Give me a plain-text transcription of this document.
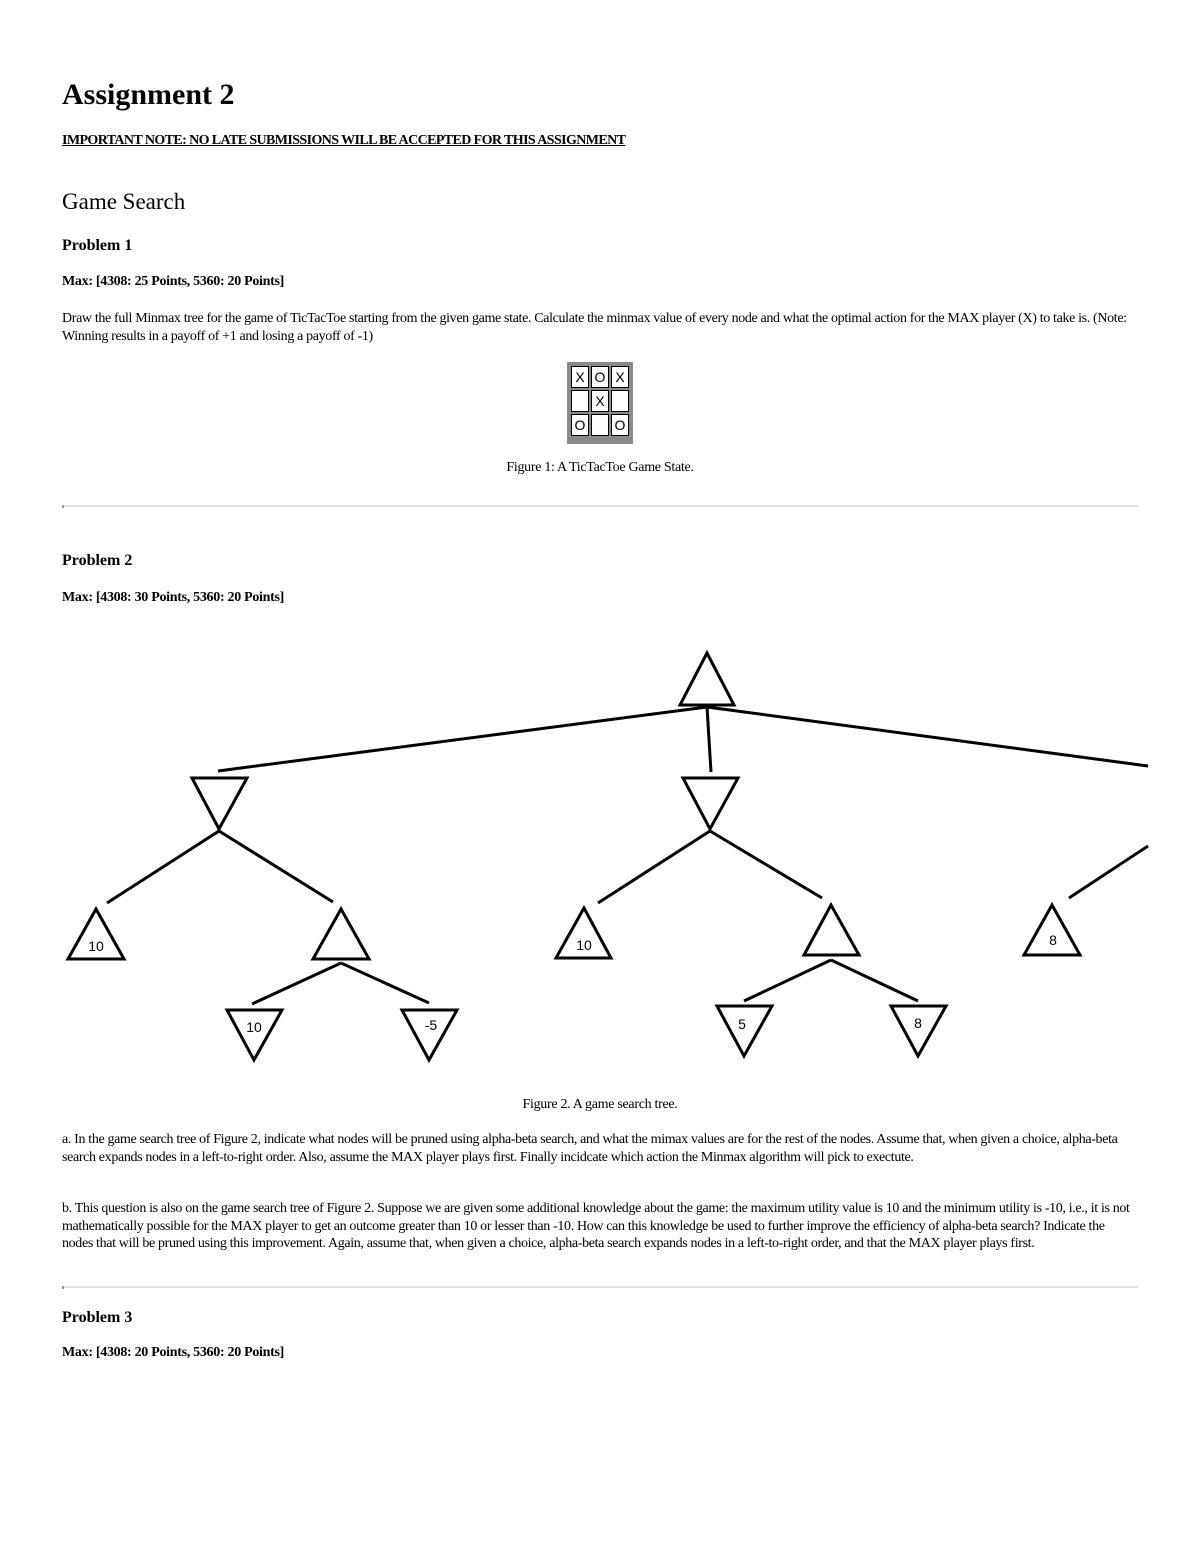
Assignment 2
IMPORTANT NOTE: NO LATE SUBMISSIONS WILL BE ACCEPTED FOR THIS ASSIGNMENT
Game Search
Problem 1
Max: [4308: 25 Points, 5360: 20 Points]
Draw the full Minmax tree for the game of TicTacToe starting from the given game state. Calculate the minmax value of every node and what the optimal action for the MAX player (X) to take is. (Note: Winning results in a payoff of +1 and losing a payoff of -1)
X O X
X
O O
Figure 1: A TicTacToe Game State.
Problem 2
Max: [4308: 30 Points, 5360: 20 Points]
10
10	-5
10
5	8
8
Figure 2. A game search tree.
a. In the game search tree of Figure 2, indicate what nodes will be pruned using alpha-beta search, and what the mimax values are for the rest of the nodes. Assume that, when given a choice, alpha-beta search expands nodes in a left-to-right order. Also, assume the MAX player plays first. Finally incidcate which action the Minmax algorithm will pick to exectute.
b. This question is also on the game search tree of Figure 2. Suppose we are given some additional knowledge about the game: the maximum utility value is 10 and the minimum utility is -10, i.e., it is not mathematically possible for the MAX player to get an outcome greater than 10 or lesser than -10. How can this knowledge be used to further improve the efficiency of alpha-beta search? Indicate the nodes that will be pruned using this improvement. Again, assume that, when given a choice, alpha-beta search expands nodes in a left-to-right order, and that the MAX player plays first.
Problem 3
Max: [4308: 20 Points, 5360: 20 Points]
